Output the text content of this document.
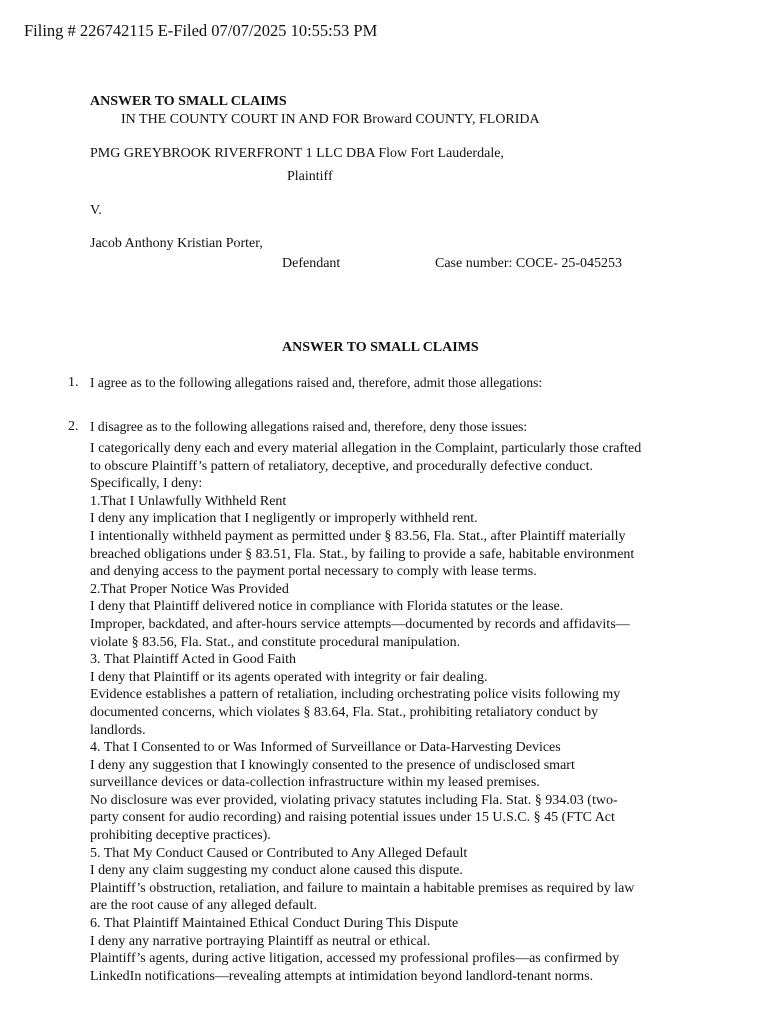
Filing # 226742115 E-Filed 07/07/2025 10:55:53 PM
ANSWER TO SMALL CLAIMS
IN THE COUNTY COURT IN AND FOR Broward COUNTY, FLORIDA
PMG GREYBROOK RIVERFRONT 1 LLC DBA Flow Fort Lauderdale,
Plaintiff
V.
Jacob Anthony Kristian Porter,
Defendant	Case number: COCE- 25-045253
ANSWER TO SMALL CLAIMS
1. I agree as to the following allegations raised and, therefore, admit those allegations:
2. I disagree as to the following allegations raised and, therefore, deny those issues:
I categorically deny each and every material allegation in the Complaint, particularly those crafted
to obscure Plaintiff’s pattern of retaliatory, deceptive, and procedurally defective conduct.
Specifically, I deny:
1.That I Unlawfully Withheld Rent
I deny any implication that I negligently or improperly withheld rent.
I intentionally withheld payment as permitted under § 83.56, Fla. Stat., after Plaintiff materially
breached obligations under § 83.51, Fla. Stat., by failing to provide a safe, habitable environment
and denying access to the payment portal necessary to comply with lease terms.
2.That Proper Notice Was Provided
I deny that Plaintiff delivered notice in compliance with Florida statutes or the lease.
Improper, backdated, and after-hours service attempts—documented by records and affidavits—
violate § 83.56, Fla. Stat., and constitute procedural manipulation.
3. That Plaintiff Acted in Good Faith
I deny that Plaintiff or its agents operated with integrity or fair dealing.
Evidence establishes a pattern of retaliation, including orchestrating police visits following my
documented concerns, which violates § 83.64, Fla. Stat., prohibiting retaliatory conduct by
landlords.
4. That I Consented to or Was Informed of Surveillance or Data-Harvesting Devices
I deny any suggestion that I knowingly consented to the presence of undisclosed smart
surveillance devices or data-collection infrastructure within my leased premises.
No disclosure was ever provided, violating privacy statutes including Fla. Stat. § 934.03 (two-
party consent for audio recording) and raising potential issues under 15 U.S.C. § 45 (FTC Act
prohibiting deceptive practices).
5. That My Conduct Caused or Contributed to Any Alleged Default
I deny any claim suggesting my conduct alone caused this dispute.
Plaintiff’s obstruction, retaliation, and failure to maintain a habitable premises as required by law
are the root cause of any alleged default.
6. That Plaintiff Maintained Ethical Conduct During This Dispute
I deny any narrative portraying Plaintiff as neutral or ethical.
Plaintiff’s agents, during active litigation, accessed my professional profiles—as confirmed by
LinkedIn notifications—revealing attempts at intimidation beyond landlord-tenant norms.
